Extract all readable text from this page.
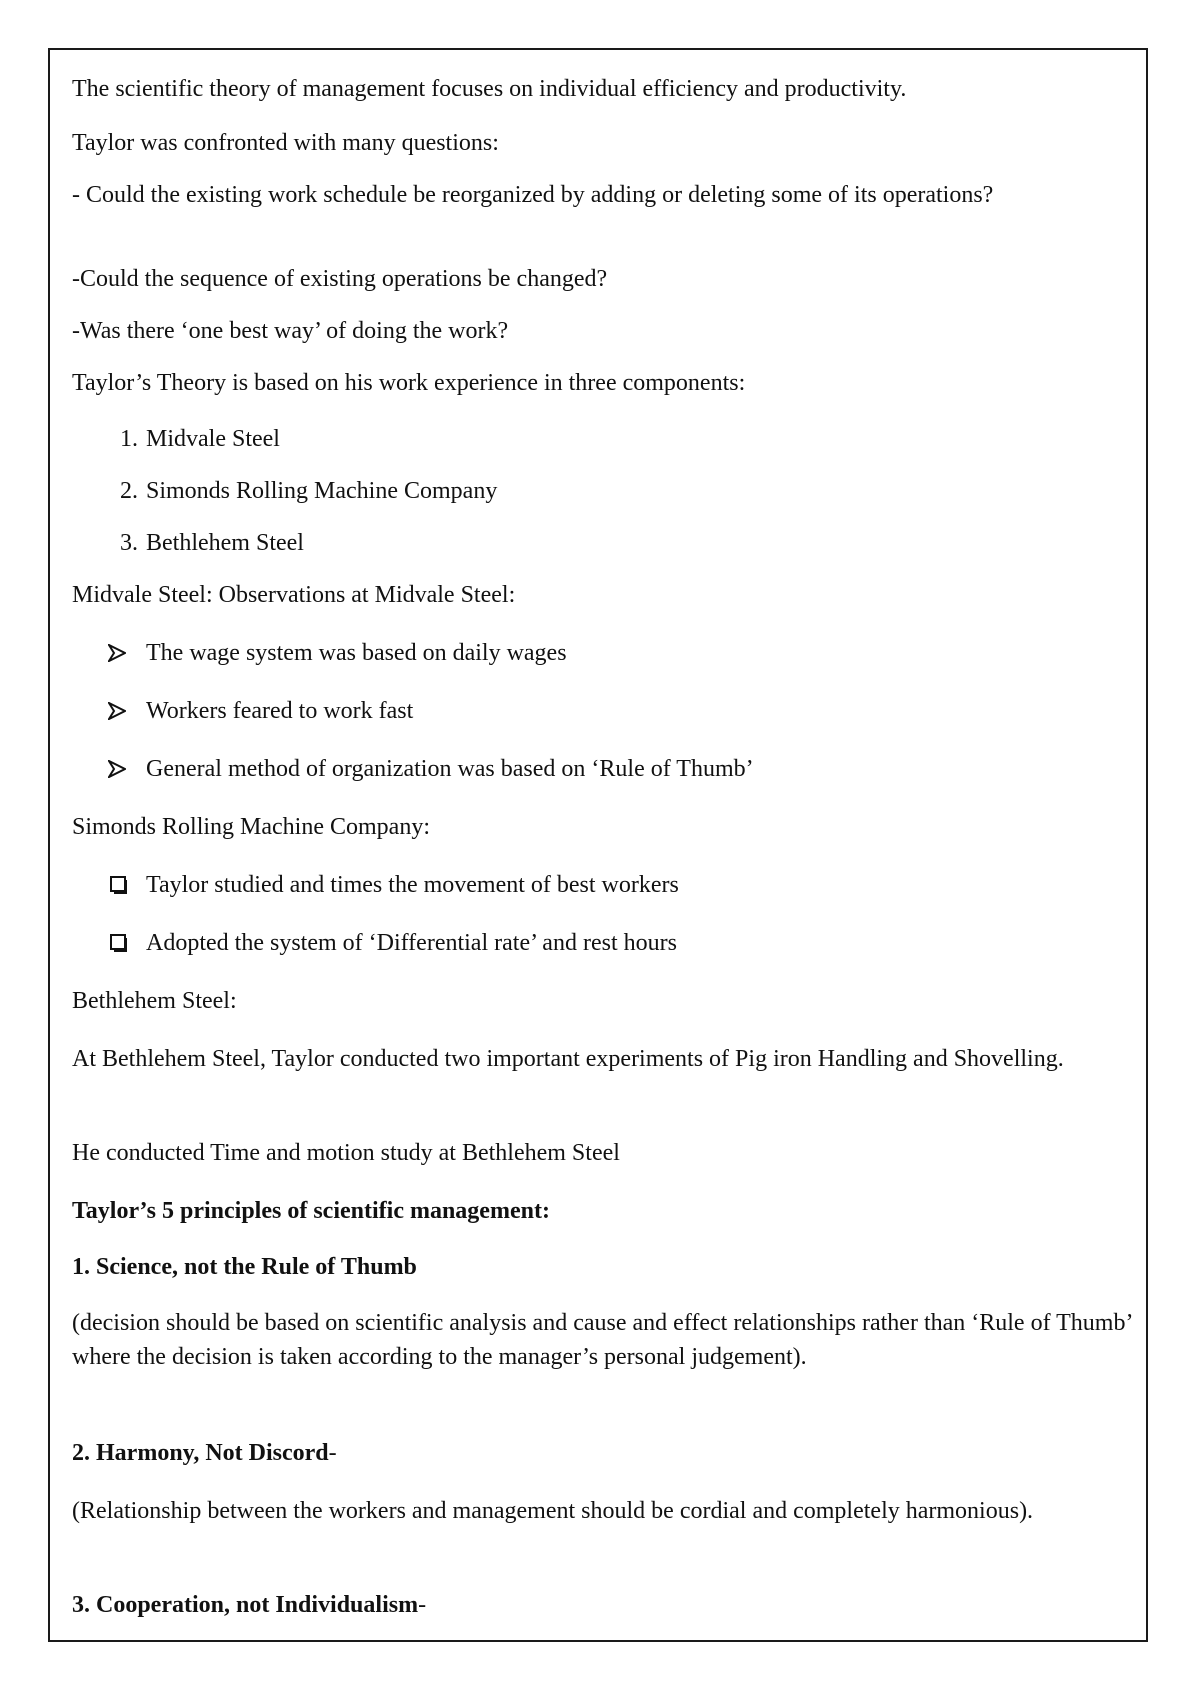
The scientific theory of management focuses on individual efficiency and productivity.

Taylor was confronted with many questions:

- Could the existing work schedule be reorganized by adding or deleting some of its operations?

-Could the sequence of existing operations be changed?

-Was there ‘one best way’ of doing the work?

Taylor’s Theory is based on his work experience in three components:

1. Midvale Steel
2. Simonds Rolling Machine Company
3. Bethlehem Steel

Midvale Steel: Observations at Midvale Steel:

The wage system was based on daily wages
Workers feared to work fast
General method of organization was based on ‘Rule of Thumb’

Simonds Rolling Machine Company:

Taylor studied and times the movement of best workers
Adopted the system of ‘Differential rate’ and rest hours

Bethlehem Steel:

At Bethlehem Steel, Taylor conducted two important experiments of Pig iron Handling and Shovelling.

He conducted Time and motion study at Bethlehem Steel

Taylor’s 5 principles of scientific management:

1. Science, not the Rule of Thumb

(decision should be based on scientific analysis and cause and effect relationships rather than ‘Rule of Thumb’ where the decision is taken according to the manager’s personal judgement).

2. Harmony, Not Discord-

(Relationship between the workers and management should be cordial and completely harmonious).

3. Cooperation, not Individualism-
